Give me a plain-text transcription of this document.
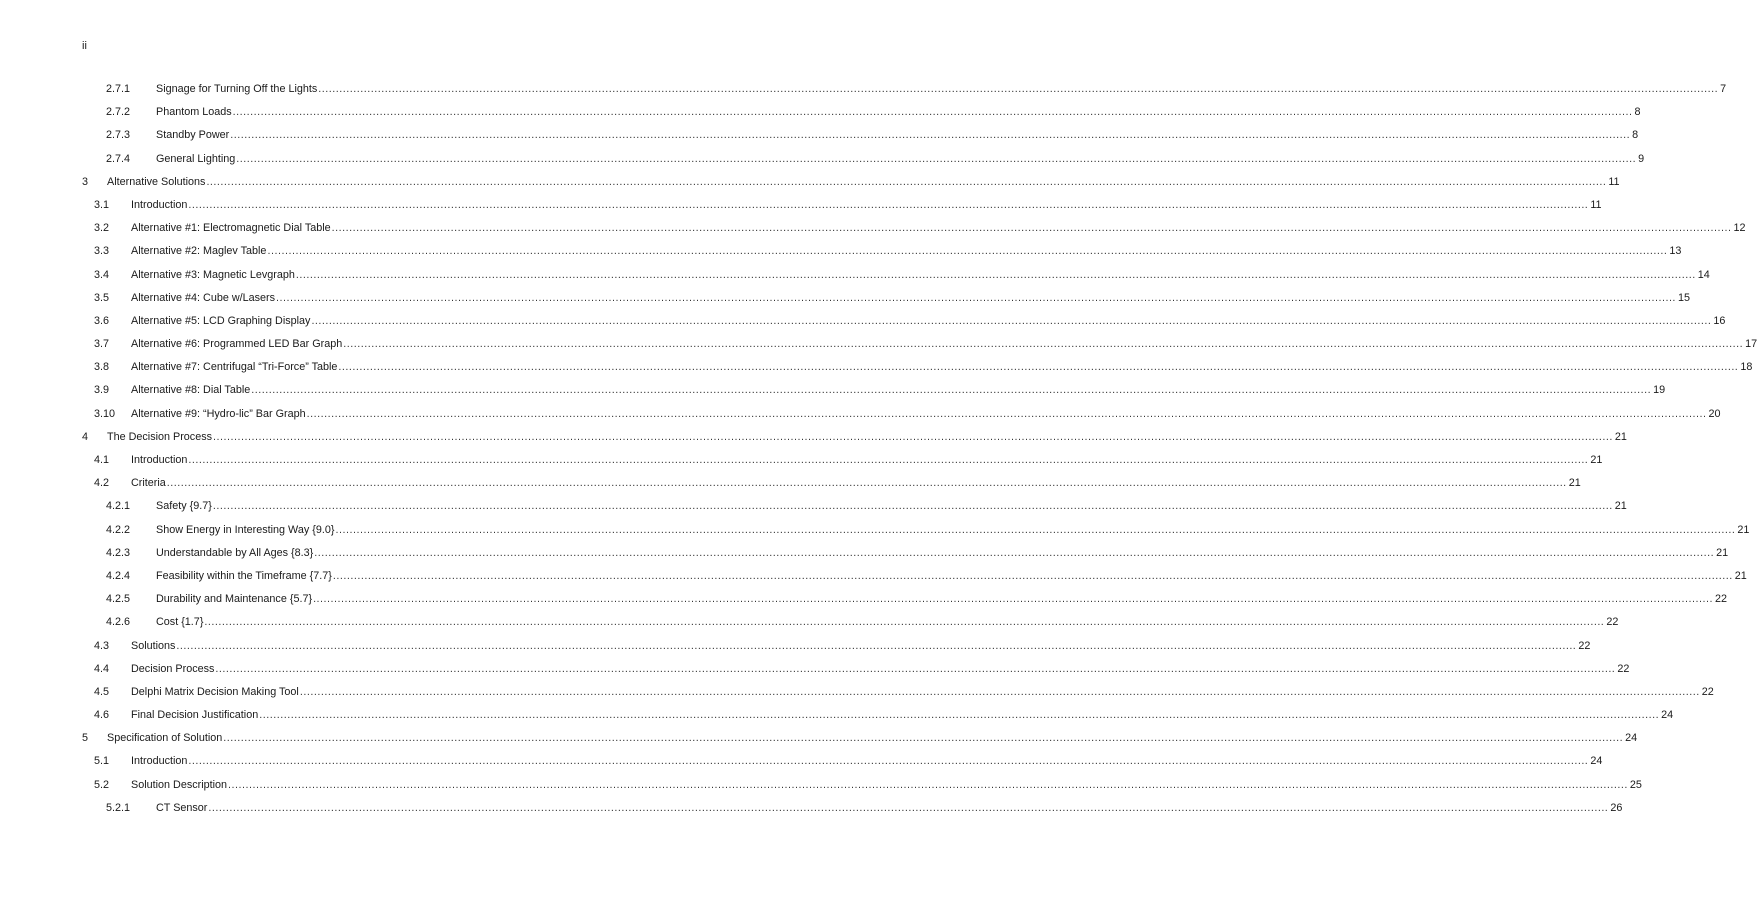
ii
2.7.1 Signage for Turning Off the Lights ................................................................................................................................................................................................................................................................................................................................................................................................................ 7
2.7.2 Phantom Loads ................................................................................................................................................................................................................................................................................................................................................................................................................ 8
2.7.3 Standby Power ................................................................................................................................................................................................................................................................................................................................................................................................................ 8
2.7.4 General Lighting ................................................................................................................................................................................................................................................................................................................................................................................................................ 9
3 Alternative Solutions ................................................................................................................................................................................................................................................................................................................................................................................................................ 11
3.1 Introduction ................................................................................................................................................................................................................................................................................................................................................................................................................ 11
3.2 Alternative #1: Electromagnetic Dial Table ................................................................................................................................................................................................................................................................................................................................................................................................................ 12
3.3 Alternative #2: Maglev Table ................................................................................................................................................................................................................................................................................................................................................................................................................ 13
3.4 Alternative #3: Magnetic Levgraph ................................................................................................................................................................................................................................................................................................................................................................................................................ 14
3.5 Alternative #4: Cube w/Lasers ................................................................................................................................................................................................................................................................................................................................................................................................................ 15
3.6 Alternative #5: LCD Graphing Display ................................................................................................................................................................................................................................................................................................................................................................................................................ 16
3.7 Alternative #6: Programmed LED Bar Graph ................................................................................................................................................................................................................................................................................................................................................................................................................ 17
3.8 Alternative #7: Centrifugal “Tri-Force” Table ................................................................................................................................................................................................................................................................................................................................................................................................................ 18
3.9 Alternative #8: Dial Table ................................................................................................................................................................................................................................................................................................................................................................................................................ 19
3.10 Alternative #9: “Hydro-lic” Bar Graph ................................................................................................................................................................................................................................................................................................................................................................................................................ 20
4 The Decision Process ................................................................................................................................................................................................................................................................................................................................................................................................................ 21
4.1 Introduction ................................................................................................................................................................................................................................................................................................................................................................................................................ 21
4.2 Criteria ................................................................................................................................................................................................................................................................................................................................................................................................................ 21
4.2.1 Safety {9.7} ................................................................................................................................................................................................................................................................................................................................................................................................................ 21
4.2.2 Show Energy in Interesting Way {9.0} ................................................................................................................................................................................................................................................................................................................................................................................................................ 21
4.2.3 Understandable by All Ages {8.3} ................................................................................................................................................................................................................................................................................................................................................................................................................ 21
4.2.4 Feasibility within the Timeframe {7.7} ................................................................................................................................................................................................................................................................................................................................................................................................................ 21
4.2.5 Durability and Maintenance {5.7} ................................................................................................................................................................................................................................................................................................................................................................................................................ 22
4.2.6 Cost {1.7} ................................................................................................................................................................................................................................................................................................................................................................................................................ 22
4.3 Solutions ................................................................................................................................................................................................................................................................................................................................................................................................................ 22
4.4 Decision Process ................................................................................................................................................................................................................................................................................................................................................................................................................ 22
4.5 Delphi Matrix Decision Making Tool ................................................................................................................................................................................................................................................................................................................................................................................................................ 22
4.6 Final Decision Justification ................................................................................................................................................................................................................................................................................................................................................................................................................ 24
5 Specification of Solution ................................................................................................................................................................................................................................................................................................................................................................................................................ 24
5.1 Introduction ................................................................................................................................................................................................................................................................................................................................................................................................................ 24
5.2 Solution Description ................................................................................................................................................................................................................................................................................................................................................................................................................ 25
5.2.1 CT Sensor ................................................................................................................................................................................................................................................................................................................................................................................................................ 26
